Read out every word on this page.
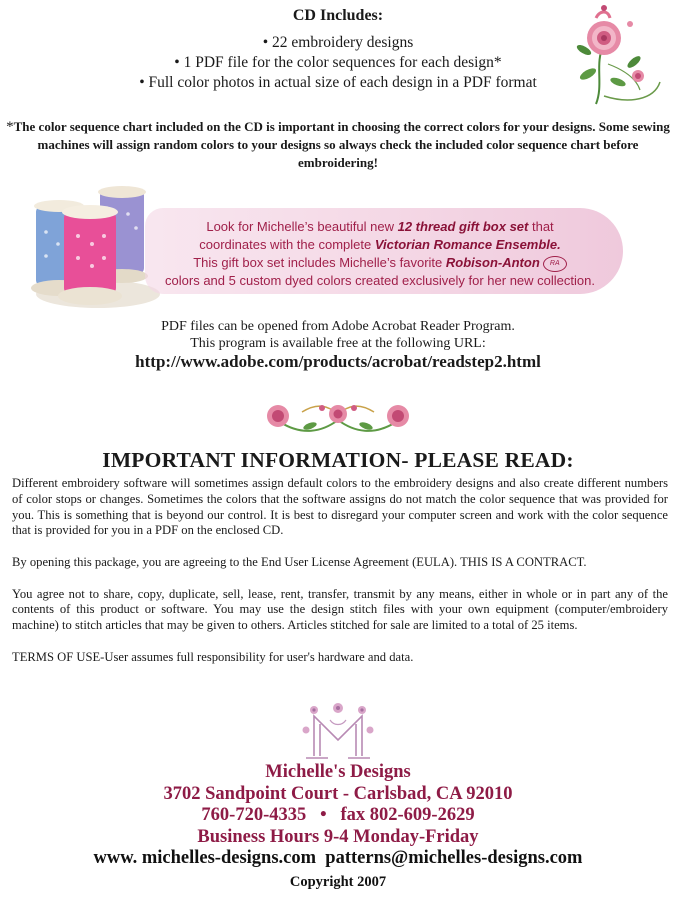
CD Includes:
• 22 embroidery designs
• 1 PDF file for the color sequences for each design*
• Full color photos in actual size of each design in a PDF format
*The color sequence chart included on the CD is important in choosing the correct colors for your designs. Some sewing machines will assign random colors to your designs so always check the included color sequence chart before embroidering!
Look for Michelle’s beautiful new 12 thread gift box set that
coordinates with the complete Victorian Romance Ensemble.
This gift box set includes Michelle’s favorite Robison-Anton RA
colors and 5 custom dyed colors created exclusively for her new collection.
PDF files can be opened from Adobe Acrobat Reader Program.
This program is available free at the following URL:
http://www.adobe.com/products/acrobat/readstep2.html
IMPORTANT INFORMATION- PLEASE READ:

Different embroidery software will sometimes assign default colors to the embroidery designs and also create different numbers of color stops or changes. Sometimes the colors that the software assigns do not match the color sequence that was provided for you. This is something that is beyond our control. It is best to disregard your computer screen and work with the color sequence that is provided for you in a PDF on the enclosed CD.

By opening this package, you are agreeing to the End User License Agreement (EULA). THIS IS A CONTRACT.

You agree not to share, copy, duplicate, sell, lease, rent, transfer, transmit by any means, either in whole or in part any of the contents of this product or software. You may use the design stitch files with your own equipment (computer/embroidery machine) to stitch articles that may be given to others. Articles stitched for sale are limited to a total of 25 items.

TERMS OF USE-User assumes full responsibility for user's hardware and data.

Michelle's Designs
3702 Sandpoint Court - Carlsbad, CA 92010
760-720-4335 • fax 802-609-2629
Business Hours 9-4 Monday-Friday
www. michelles-designs.com patterns@michelles-designs.com
Copyright 2007
